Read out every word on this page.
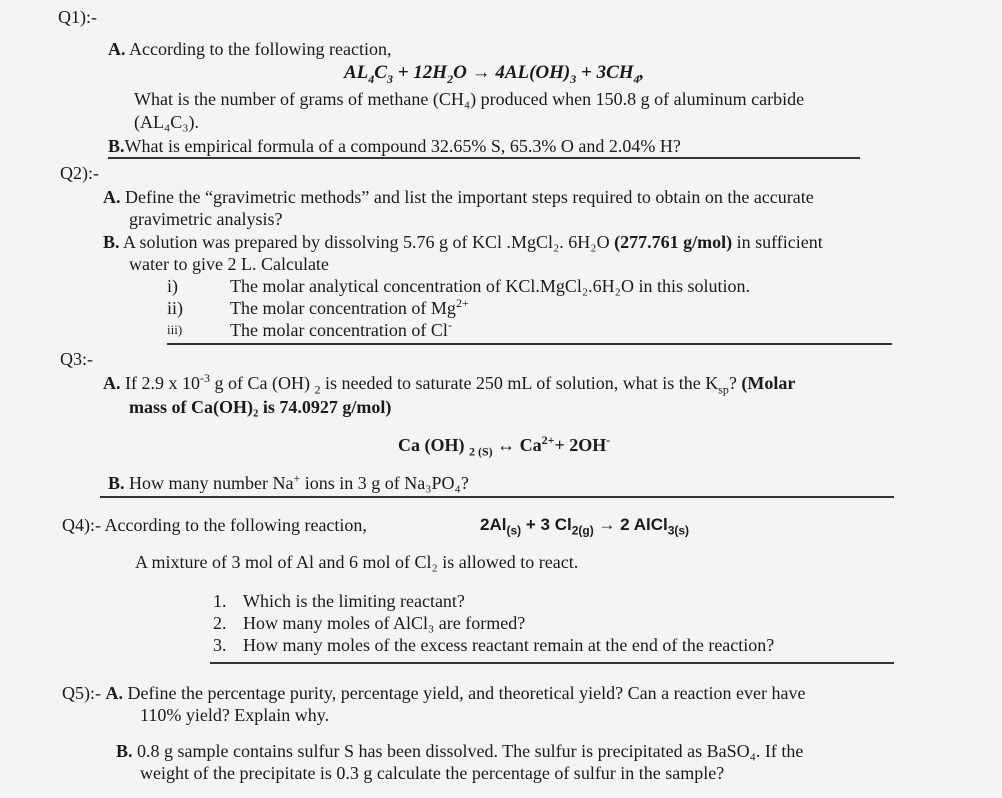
Q1):-
A. According to the following reaction,
$AL_4C_3 + 12H_2O \to 4AL(OH)_3 + 3CH_4$,
What is the number of grams of methane (CH₄) produced when 150.8 g of aluminum carbide
(AL₄C₃).
B.What is empirical formula of a compound 32.65% S, 65.3% O and 2.04% H?
Q2):-
A. Define the “gravimetric methods” and list the important steps required to obtain on the accurate
gravimetric analysis?
B. A solution was prepared by dissolving 5.76 g of KCl .MgCl₂. 6H₂O (277.761 g/mol) in sufficient
water to give 2 L. Calculate
i)	The molar analytical concentration of KCl.MgCl₂.6H₂O in this solution.
ii)	The molar concentration of $Mg^{2+}$
iii)	The molar concentration of Cl-
Q3:-
A. If 2.9 x $10^{-3}$ g of Ca (OH) $_2$ is needed to saturate 250 mL of solution, what is the $K_{sp}$? (Molar
mass of Ca(OH)₂ is 74.0927 g/mol)
Ca (OH) $_{2 (S)}$ ↔ $Ca^{2+}+ 2OH^-$
B. How many number Na+ ions in 3 g of Na₃PO₄?
Q4):- According to the following reaction,	$2Al_{(s)} + 3$ $Cl_{2(g)} \to 2$ AlCl$_{3(s)}$
A mixture of 3 mol of Al and 6 mol of Cl₂ is allowed to react.
1. Which is the limiting reactant?
2. How many moles of AlCl₃ are formed?
3. How many moles of the excess reactant remain at the end of the reaction?
Q5):- A. Define the percentage purity, percentage yield, and theoretical yield? Can a reaction ever have
110% yield? Explain why.
B. 0.8 g sample contains sulfur S has been dissolved. The sulfur is precipitated as BaSO₄. If the
weight of the precipitate is 0.3 g calculate the percentage of sulfur in the sample?
